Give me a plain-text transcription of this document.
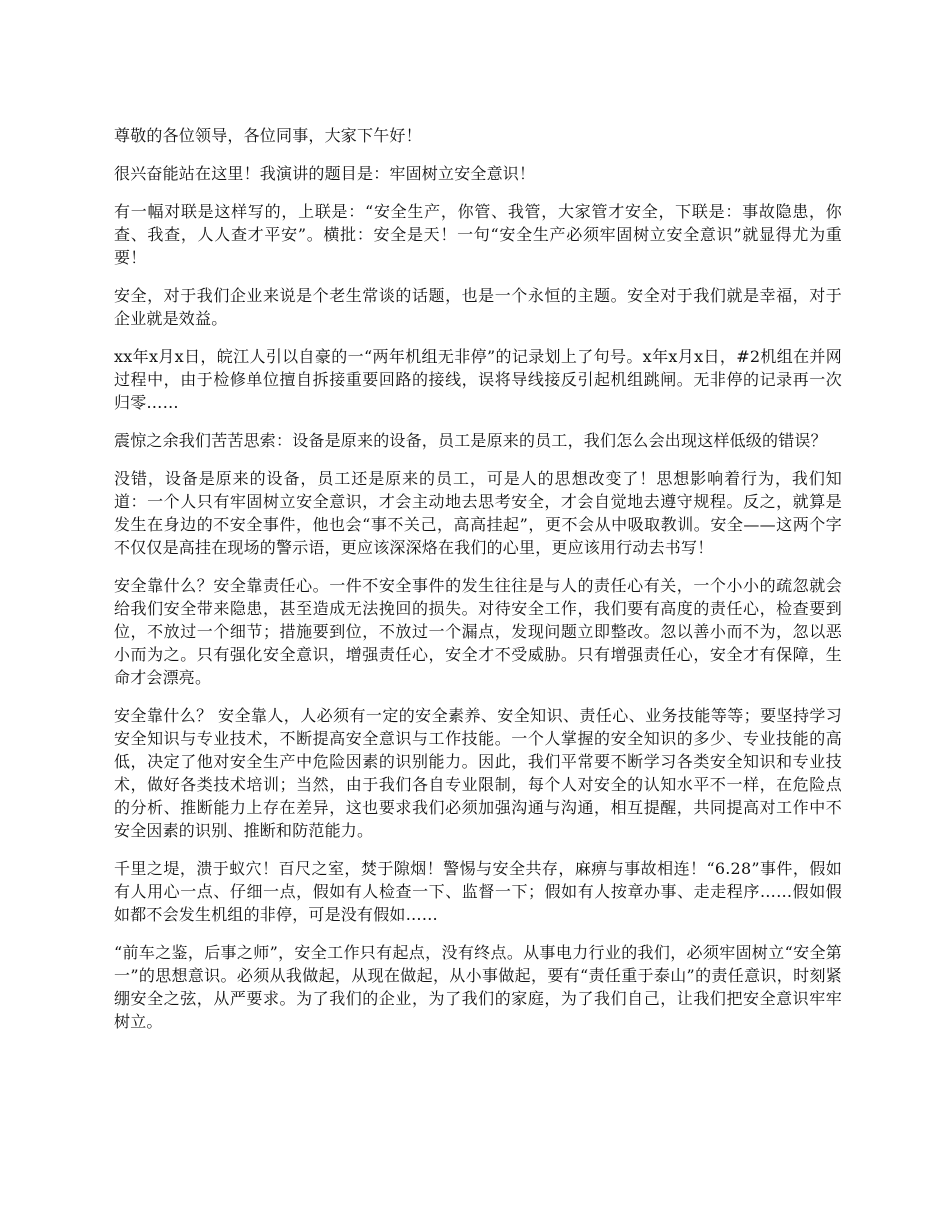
尊敬的各位领导，各位同事，大家下午好！

很兴奋能站在这里！我演讲的题目是：牢固树立安全意识！

有一幅对联是这样写的，上联是：“安全生产，你管、我管，大家管才安全，下联是：事故隐患，你查、我查，人人查才平安”。横批：安全是天！一句“安全生产必须牢固树立安全意识”就显得尤为重要！

安全，对于我们企业来说是个老生常谈的话题，也是一个永恒的主题。安全对于我们就是幸福，对于企业就是效益。

xx年x月x日，皖江人引以自豪的一“两年机组无非停”的记录划上了句号。x年x月x日，#2机组在并网过程中，由于检修单位擅自拆接重要回路的接线，误将导线接反引起机组跳闸。无非停的记录再一次归零……

震惊之余我们苦苦思索：设备是原来的设备，员工是原来的员工，我们怎么会出现这样低级的错误？

没错，设备是原来的设备，员工还是原来的员工，可是人的思想改变了！思想影响着行为，我们知道：一个人只有牢固树立安全意识，才会主动地去思考安全，才会自觉地去遵守规程。反之，就算是发生在身边的不安全事件，他也会“事不关己，高高挂起”，更不会从中吸取教训。安全——这两个字不仅仅是高挂在现场的警示语，更应该深深烙在我们的心里，更应该用行动去书写！

安全靠什么？安全靠责任心。一件不安全事件的发生往往是与人的责任心有关，一个小小的疏忽就会给我们安全带来隐患，甚至造成无法挽回的损失。对待安全工作，我们要有高度的责任心，检查要到位，不放过一个细节；措施要到位，不放过一个漏点，发现问题立即整改。忽以善小而不为，忽以恶小而为之。只有强化安全意识，增强责任心，安全才不受威胁。只有增强责任心，安全才有保障，生命才会漂亮。

安全靠什么？ 安全靠人，人必须有一定的安全素养、安全知识、责任心、业务技能等等；要坚持学习安全知识与专业技术，不断提高安全意识与工作技能。一个人掌握的安全知识的多少、专业技能的高低，决定了他对安全生产中危险因素的识别能力。因此，我们平常要不断学习各类安全知识和专业技术，做好各类技术培训；当然，由于我们各自专业限制，每个人对安全的认知水平不一样，在危险点的分析、推断能力上存在差异，这也要求我们必须加强沟通与沟通，相互提醒，共同提高对工作中不安全因素的识别、推断和防范能力。

千里之堤，溃于蚁穴！百尺之室，焚于隙烟！警惕与安全共存，麻痹与事故相连！“6.28”事件，假如有人用心一点、仔细一点，假如有人检查一下、监督一下；假如有人按章办事、走走程序……假如假如都不会发生机组的非停，可是没有假如……

“前车之鉴，后事之师”，安全工作只有起点，没有终点。从事电力行业的我们，必须牢固树立“安全第一”的思想意识。必须从我做起，从现在做起，从小事做起，要有“责任重于泰山”的责任意识，时刻紧绷安全之弦，从严要求。为了我们的企业，为了我们的家庭，为了我们自己，让我们把安全意识牢牢树立。
